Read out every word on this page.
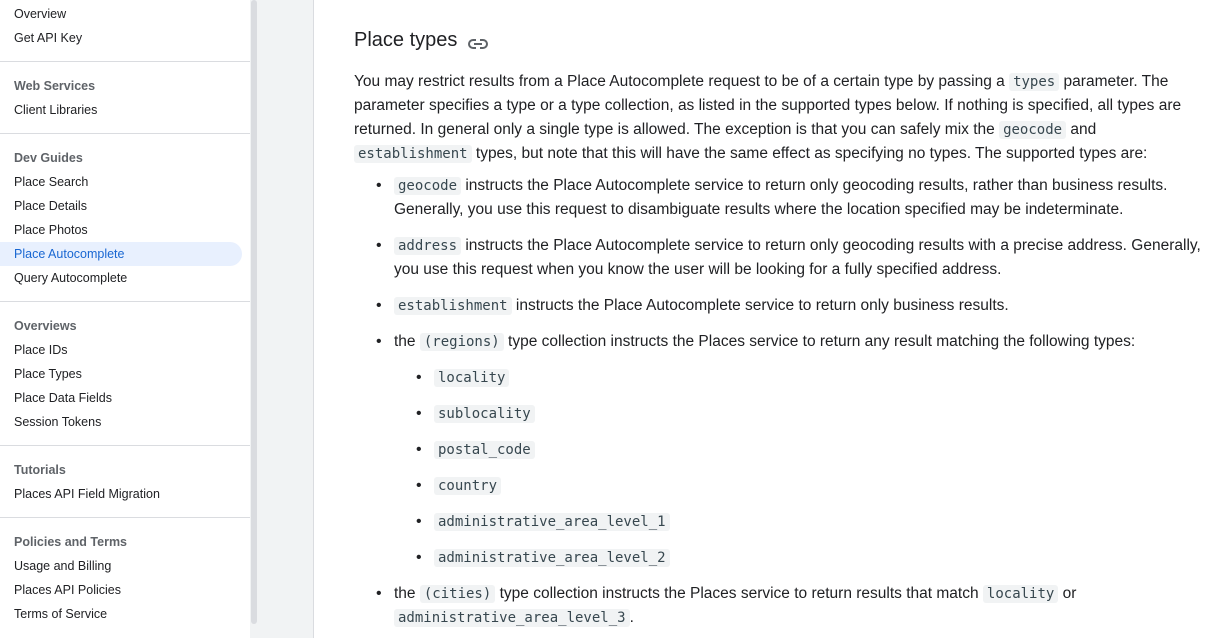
Overview
Get API Key
Web Services
Client Libraries
Dev Guides
Place Search
Place Details
Place Photos
Place Autocomplete
Query Autocomplete
Overviews
Place IDs
Place Types
Place Data Fields
Session Tokens
Tutorials
Places API Field Migration
Policies and Terms
Usage and Billing
Places API Policies
Terms of Service
Place types

You may restrict results from a Place Autocomplete request to be of a certain type by passing a types parameter. The parameter specifies a type or a type collection, as listed in the supported types below. If nothing is specified, all types are returned. In general only a single type is allowed. The exception is that you can safely mix the geocode and establishment types, but note that this will have the same effect as specifying no types. The supported types are:

• geocode instructs the Place Autocomplete service to return only geocoding results, rather than business results. Generally, you use this request to disambiguate results where the location specified may be indeterminate.
• address instructs the Place Autocomplete service to return only geocoding results with a precise address. Generally, you use this request when you know the user will be looking for a fully specified address.
• establishment instructs the Place Autocomplete service to return only business results.
• the (regions) type collection instructs the Places service to return any result matching the following types:
• locality
• sublocality
• postal_code
• country
• administrative_area_level_1
• administrative_area_level_2
• the (cities) type collection instructs the Places service to return results that match locality or administrative_area_level_3 .
